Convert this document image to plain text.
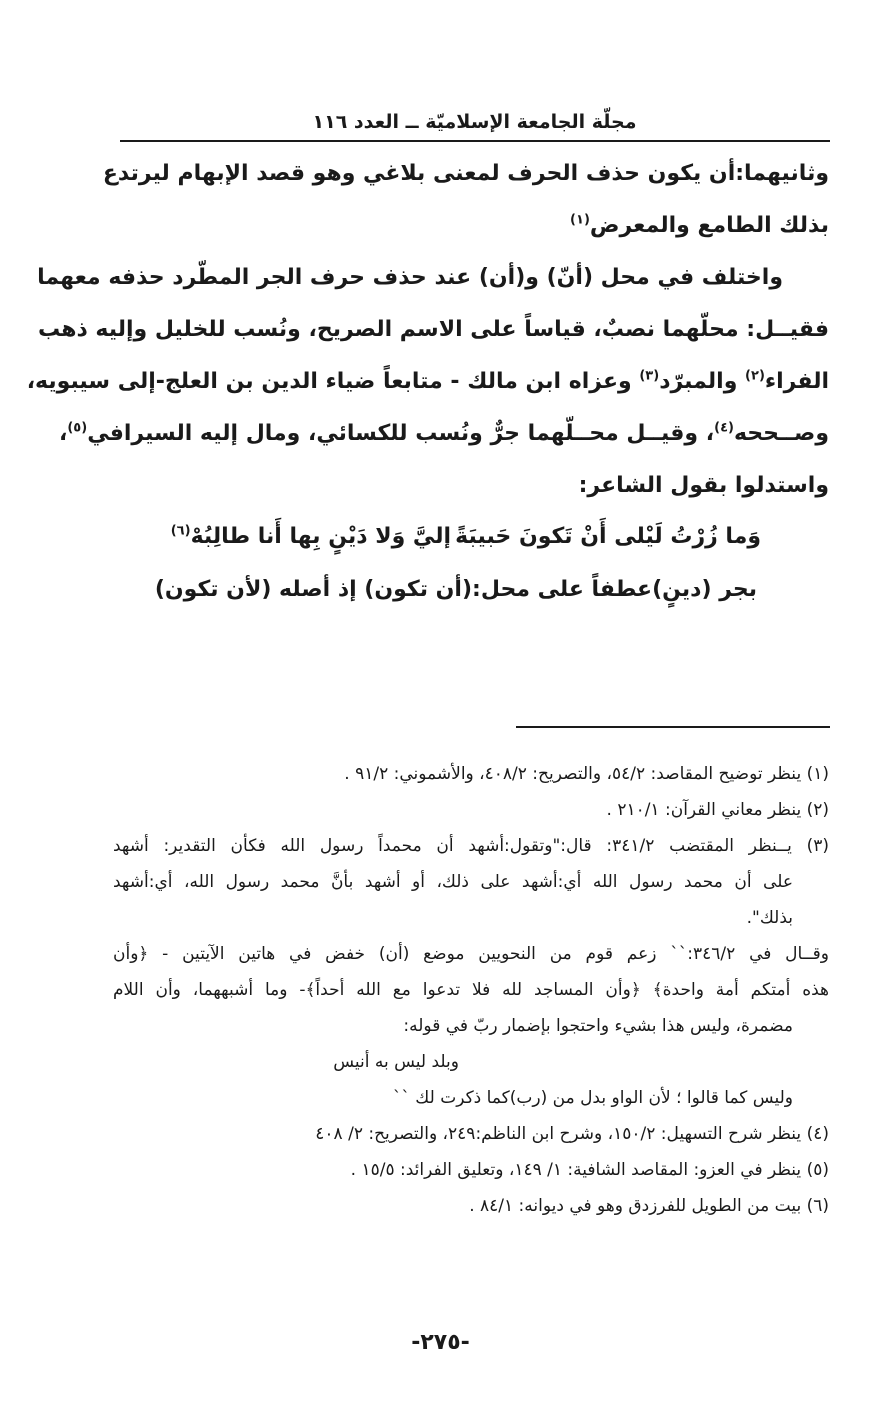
مجلّة الجامعة الإسلاميّة ــ العدد ١١٦
وثانيهما:أن يكون حذف الحرف لمعنى بلاغي وهو قصد الإبهام ليرتدع
بذلك الطامع والمعرض$^{(١)}$
واختلف في محل (أنّ) و(أن) عند حذف حرف الجر المطّرد حذفه معهما
فقيــل: محلّهما نصبٌ، قياساً على الاسم الصريح، ونُسب للخليل وإليه ذهب
الفراء$^{(٢)}$ والمبرّد$^{(٣)}$ وعزاه ابن مالك - متابعاً ضياء الدين بن العلج-إلى سيبويه،
وصــححه$^{(٤)}$، وقيــل محــلّهما جرٌّ ونُسب للكسائي، ومال إليه السيرافي$^{(٥)}$،
واستدلوا بقول الشاعر:
وَما زُرْتُ لَيْلى أَنْ تَكونَ حَبيبَةً
إليَّ وَلا دَيْنٍ بِها أَنا طالِبُهْ$^{(٦)}$
بجر (دينٍ)عطفاً على محل:(أن تكون) إذ أصله (لأن تكون)
(١) ينظر توضيح المقاصد: ٥٤/٢، والتصريح: ٤٠٨/٢، والأشموني: ٩١/٢ .
(٢) ينظر معاني القرآن: ٢١٠/١ .
(٣) يــنظر المقتضب ٣٤١/٢: قال:"وتقول:أشهد أن محمداً رسول الله فكأن التقدير: أشهد
على أن محمد رسول الله أي:أشهد على ذلك، أو أشهد بأنَّ محمد رسول الله، أي:أشهد
بذلك".
وقــال في ٣٤٦/٢:`` زعم قوم من النحويين موضع (أن) خفض في هاتين الآيتين - ﴿وأن
هذه أمتكم أمة واحدة﴾ ﴿وأن المساجد لله فلا تدعوا مع الله أحداً﴾- وما أشبههما، وأن اللام
مضمرة، وليس هذا بشيء واحتجوا بإضمار ربّ في قوله:
وبلد ليس به أنيس
وليس كما قالوا ؛ لأن الواو بدل من (رب)كما ذكرت لك ``
(٤) ينظر شرح التسهيل: ١٥٠/٢، وشرح ابن الناظم:٢٤٩، والتصريح: ٢/ ٤٠٨
(٥) ينظر في العزو: المقاصد الشافية: ١/ ١٤٩، وتعليق الفرائد: ١٥/٥ .
(٦) بيت من الطويل للفرزدق وهو في ديوانه: ٨٤/١ .
-٢٧٥-
